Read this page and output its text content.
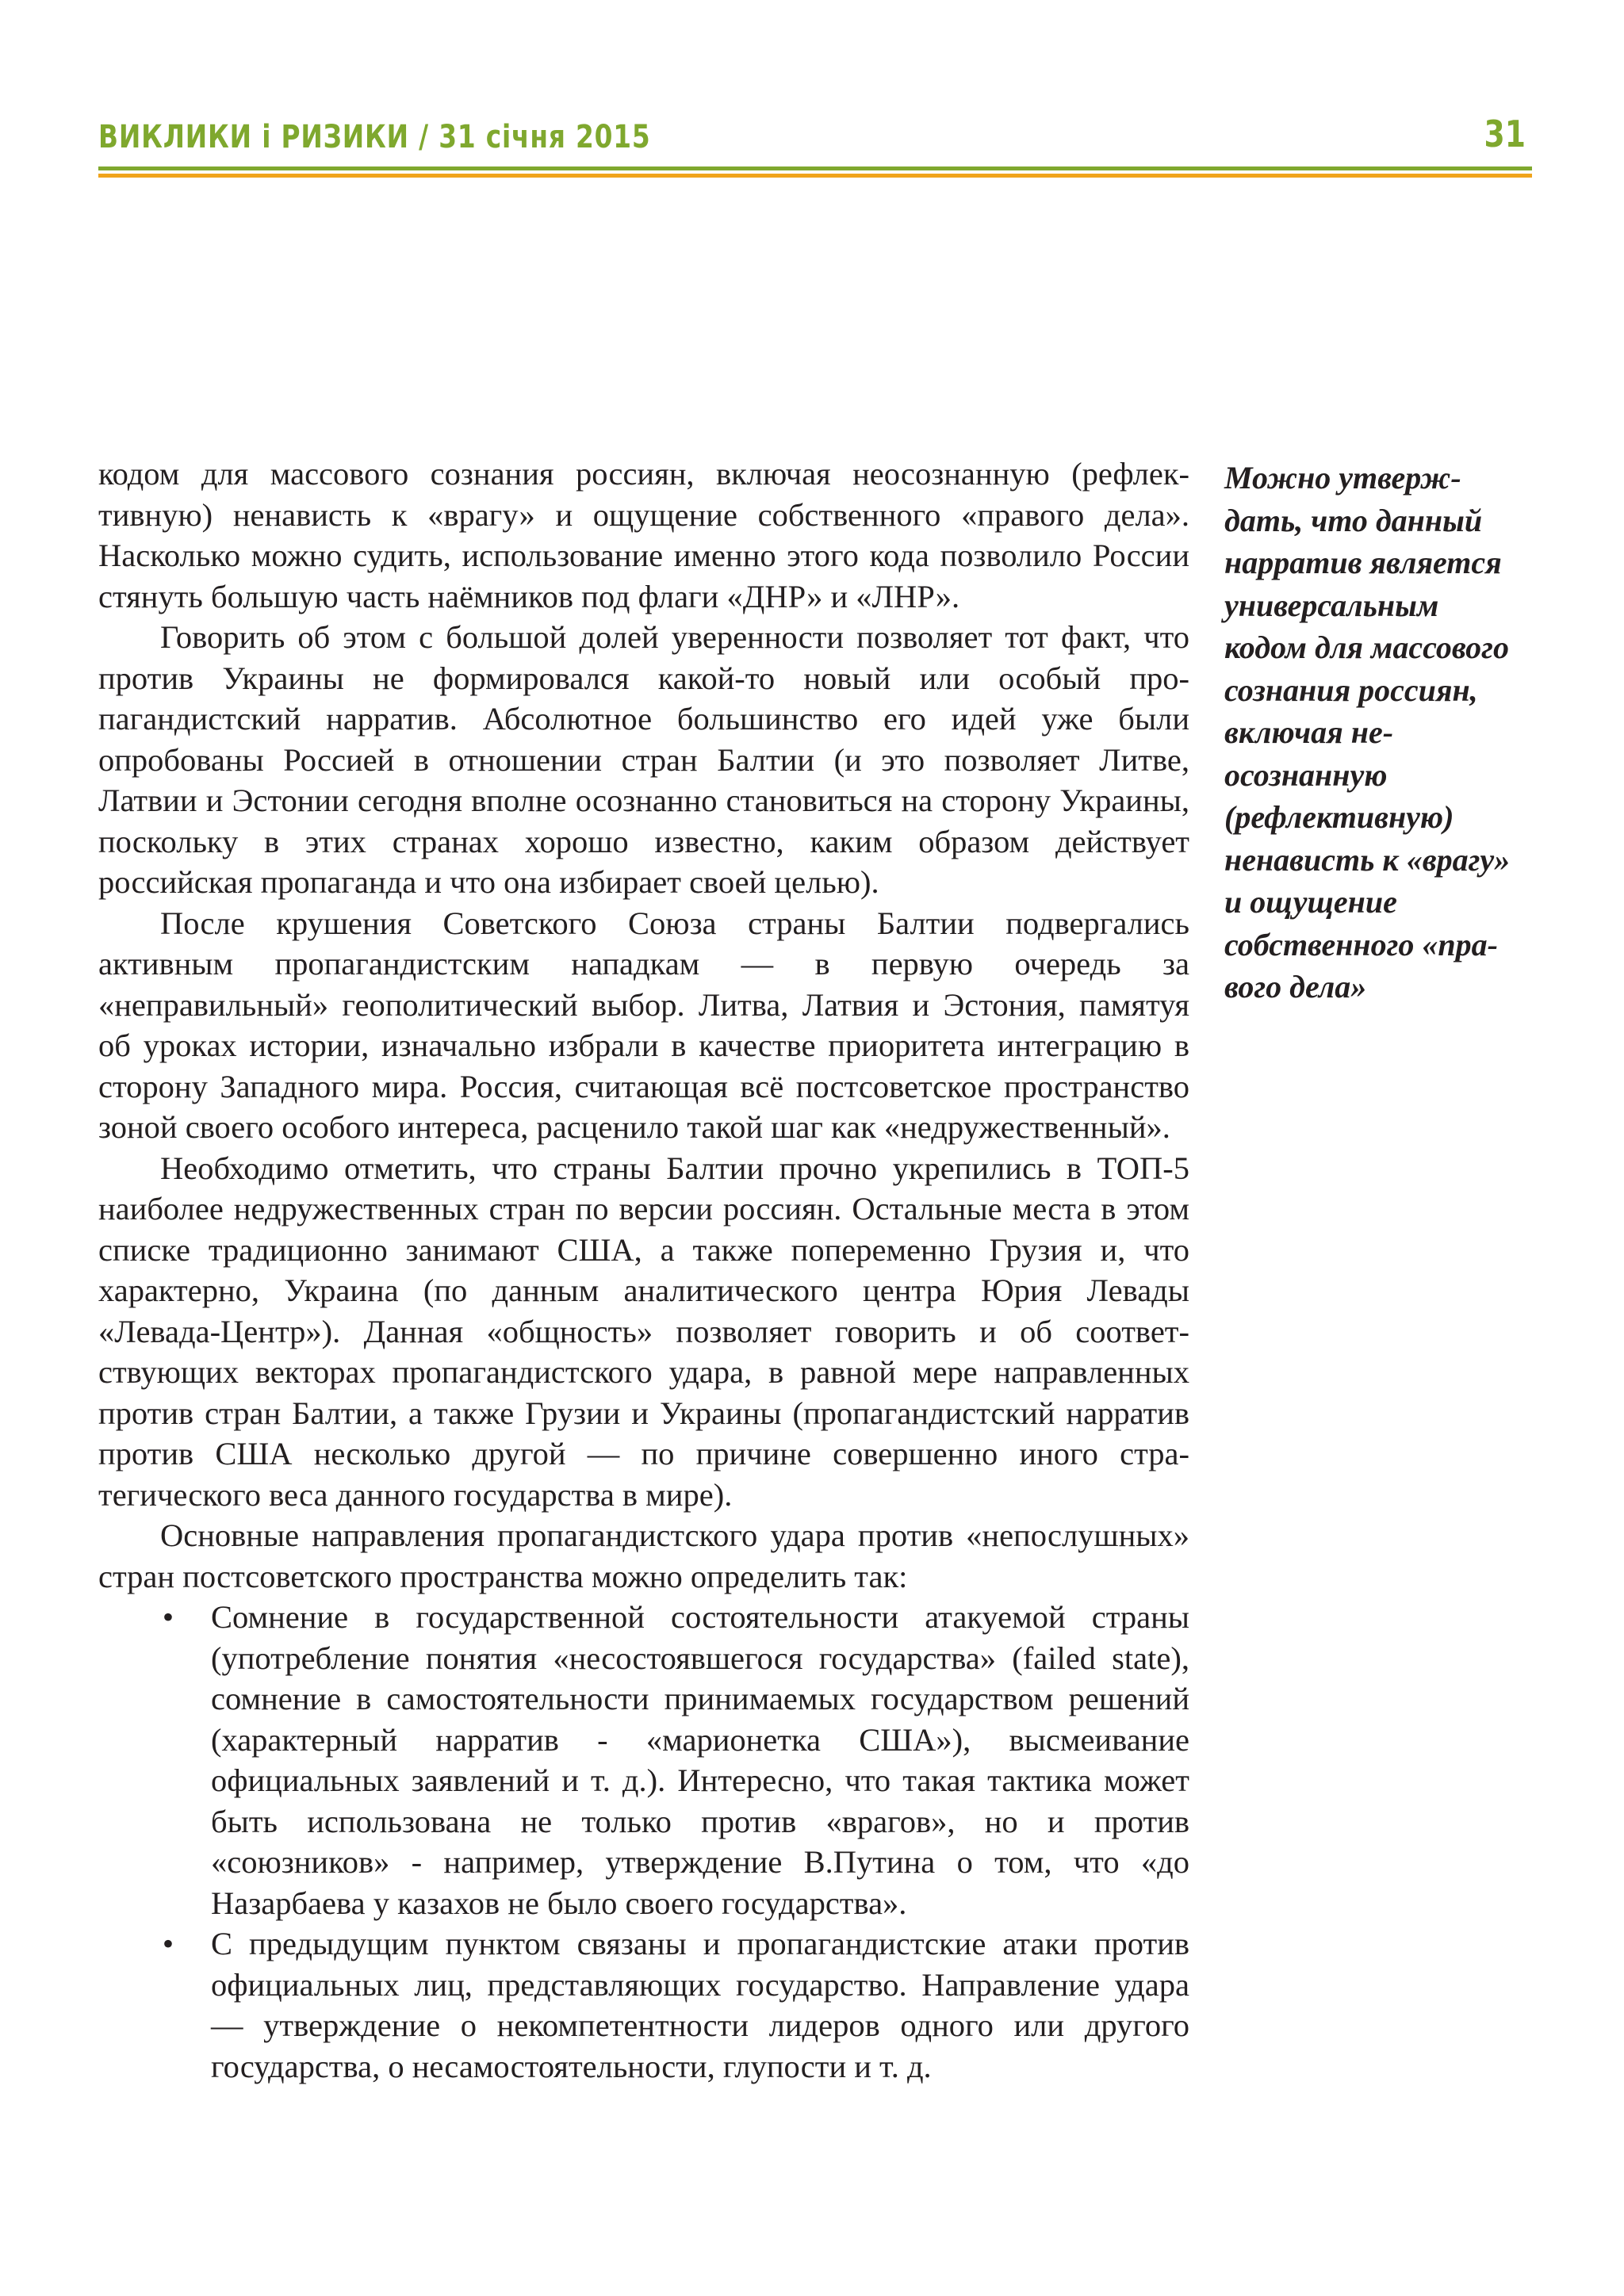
ВИКЛИКИ і РИЗИКИ / 31 січня 2015	31

кодом для массового сознания россиян, включая неосознанную (рефлективную) ненависть к «врагу» и ощущение собственного «правого дела». Насколько можно судить, использование именно этого кода позволило России стянуть большую часть наёмников под флаги «ДНР» и «ЛНР».

Говорить об этом с большой долей уверенности позволяет тот факт, что против Украины не формировался какой-то новый или особый пропагандистский нарратив. Абсолютное большинство его идей уже были опробованы Россией в отношении стран Балтии (и это позволяет Литве, Латвии и Эстонии сегодня вполне осознанно становиться на сторону Украины, поскольку в этих странах хорошо известно, каким образом действует российская пропаганда и что она избирает своей целью).

После крушения Советского Союза страны Балтии подвергались активным пропагандистским нападкам — в первую очередь за «неправильный» геополитический выбор. Литва, Латвия и Эстония, памятуя об уроках истории, изначально избрали в качестве приоритета интеграцию в сторону Западного мира. Россия, считающая всё постсоветское пространство зоной своего особого интереса, расценило такой шаг как «недружественный».

Необходимо отметить, что страны Балтии прочно укрепились в ТОП-5 наиболее недружественных стран по версии россиян. Остальные места в этом списке традиционно занимают США, а также попеременно Грузия и, что характерно, Украина (по данным аналитического центра Юрия Левады «Левада-Центр»). Данная «общность» позволяет говорить и об соответствующих векторах пропагандистского удара, в равной мере направленных против стран Балтии, а также Грузии и Украины (пропагандистский нарратив против США несколько другой — по причине совершенно иного стратегического веса данного государства в мире).

Основные направления пропагандистского удара против «непослушных» стран постсоветского пространства можно определить так:

• Сомнение в государственной состоятельности атакуемой страны (употребление понятия «несостоявшегося государства» (failed state), сомнение в самостоятельности принимаемых государством решений (характерный нарратив - «марионетка США»), высмеивание официальных заявлений и т. д.). Интересно, что такая тактика может быть использована не только против «врагов», но и против «союзников» - например, утверждение В.Путина о том, что «до Назарбаева у казахов не было своего государства».
• С предыдущим пунктом связаны и пропагандистские атаки против официальных лиц, представляющих государство. Направление удара — утверждение о некомпетентности лидеров одного или другого государства, о несамостоятельности, глупости и т. д.
Можно утверждать, что данный нарратив является универсальным кодом для массового сознания россиян, включая неосознанную (рефлективную) ненависть к «врагу» и ощущение собственного «правого дела»
